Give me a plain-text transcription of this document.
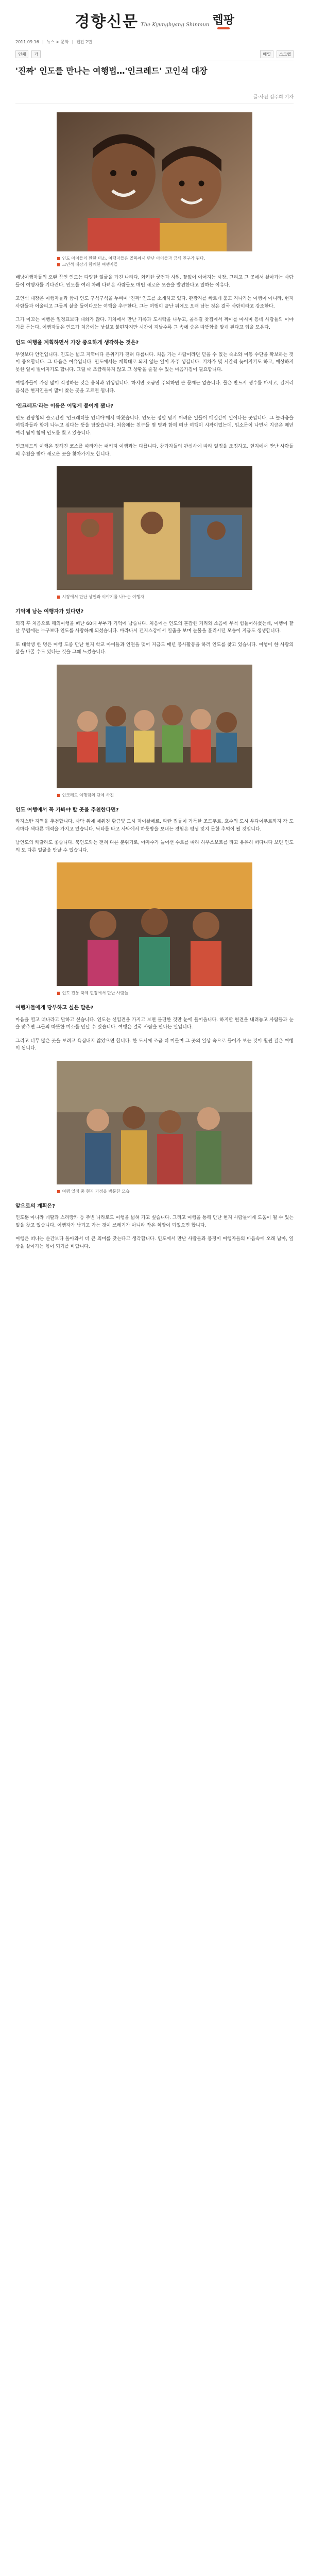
경향신문 The Kyunghyang Shinmun 렙팡
2011.09.16 | 뉴스 > 문화 | 웹진 2면
인쇄	가	메일	스크랩
'진짜' 인도를 만나는 여행법…'인크레드' 고인석 대장
글·사진 김주희 기자
■ 인도 아이들의 환한 미소. 여행자들은 골목에서 만난 아이들과 금세 친구가 된다.
■ 고인석 대장과 함께한 여행자들

배낭여행자들의 오랜 꿈인 인도는 다양한 얼굴을 가진 나라다. 화려한 궁전과 사원, 끝없이 이어지는 시장, 그리고 그 곳에서 살아가는 사람들이 여행자를 기다린다. 인도를 여러 차례 다녀온 사람들도 매번 새로운 모습을 발견한다고 말하는 이유다.

고인석 대장은 여행자들과 함께 인도 구석구석을 누비며 '진짜' 인도를 소개하고 있다. 관광지를 빠르게 훑고 지나가는 여행이 아니라, 현지 사람들과 어울리고 그들의 삶을 들여다보는 여행을 추구한다. 그는 여행이 끝난 뒤에도 오래 남는 것은 결국 사람이라고 강조한다.

그가 이끄는 여행은 일정표보다 대화가 많다. 기차에서 만난 가족과 도시락을 나누고, 골목길 찻집에서 짜이를 마시며 동네 사람들의 이야기를 듣는다. 여행자들은 인도가 처음에는 낯설고 불편하지만 시간이 지날수록 그 속에 숨은 따뜻함을 알게 된다고 입을 모은다.

인도 여행을 계획하면서 가장 중요하게 생각하는 것은?

무엇보다 안전입니다. 인도는 넓고 지역마다 분위기가 전혀 다릅니다. 처음 가는 사람이라면 믿을 수 있는 숙소와 이동 수단을 확보하는 것이 중요합니다. 그 다음은 여유입니다. 인도에서는 계획대로 되지 않는 일이 자주 생깁니다. 기차가 몇 시간씩 늦어지기도 하고, 예상하지 못한 일이 벌어지기도 합니다. 그럴 때 조급해하지 않고 그 상황을 즐길 수 있는 마음가짐이 필요합니다.

여행자들이 가장 많이 걱정하는 것은 음식과 위생입니다. 하지만 조금만 주의하면 큰 문제는 없습니다. 물은 반드시 생수를 마시고, 길거리 음식은 현지인들이 많이 찾는 곳을 고르면 됩니다.

'인크레드'라는 이름은 어떻게 붙이게 됐나?

인도 관광청의 슬로건인 '인크레더블 인디아'에서 따왔습니다. 인도는 정말 믿기 어려운 일들이 매일같이 일어나는 곳입니다. 그 놀라움을 여행자들과 함께 나누고 싶다는 뜻을 담았습니다. 처음에는 친구들 몇 명과 함께 떠난 여행이 시작이었는데, 입소문이 나면서 지금은 매년 여러 팀이 함께 인도를 찾고 있습니다.

인크레드의 여행은 정해진 코스를 따라가는 패키지 여행과는 다릅니다. 참가자들의 관심사에 따라 일정을 조정하고, 현지에서 만난 사람들의 추천을 받아 새로운 곳을 찾아가기도 합니다.

■ 시장에서 만난 상인과 이야기를 나누는 여행자
기억에 남는 여행자가 있다면?

퇴직 후 처음으로 해외여행을 떠난 60대 부부가 기억에 남습니다. 처음에는 인도의 혼잡한 거리와 소음에 무척 힘들어하셨는데, 여행이 끝날 무렵에는 누구보다 인도를 사랑하게 되셨습니다. 바라나시 갠지스강에서 일출을 보며 눈물을 흘리시던 모습이 지금도 생생합니다.

또 대학생 한 명은 여행 도중 만난 현지 학교 아이들과 인연을 맺어 지금도 매년 봉사활동을 하러 인도를 찾고 있습니다. 여행이 한 사람의 삶을 바꿀 수도 있다는 것을 그때 느꼈습니다.

■ 인크레드 여행팀의 단체 사진
인도 여행에서 꼭 가봐야 할 곳을 추천한다면?

라자스탄 지역을 추천합니다. 사막 위에 세워진 황금빛 도시 자이살메르, 파란 집들이 가득한 조드푸르, 호수의 도시 우다이푸르까지 각 도시마다 색다른 매력을 가지고 있습니다. 낙타를 타고 사막에서 하룻밤을 보내는 경험은 평생 잊지 못할 추억이 될 것입니다.

남인도의 케랄라도 좋습니다. 북인도와는 전혀 다른 분위기로, 야자수가 늘어선 수로를 따라 하우스보트를 타고 유유히 떠다니다 보면 인도의 또 다른 얼굴을 만날 수 있습니다.

■ 인도 전통 축제 현장에서 만난 사람들
여행자들에게 당부하고 싶은 말은?

마음을 열고 떠나라고 말하고 싶습니다. 인도는 선입견을 가지고 보면 불편한 것만 눈에 들어옵니다. 하지만 편견을 내려놓고 사람들과 눈을 맞추면 그들의 따뜻한 미소를 만날 수 있습니다. 여행은 결국 사람을 만나는 일입니다.

그리고 너무 많은 곳을 보려고 욕심내지 않았으면 합니다. 한 도시에 조금 더 머물며 그 곳의 일상 속으로 들어가 보는 것이 훨씬 깊은 여행이 됩니다.

■ 여행 일정 중 현지 가정을 방문한 모습
앞으로의 계획은?

인도뿐 아니라 네팔과 스리랑카 등 주변 나라로도 여행을 넓혀 가고 싶습니다. 그리고 여행을 통해 만난 현지 사람들에게 도움이 될 수 있는 일을 찾고 있습니다. 여행자가 남기고 가는 것이 쓰레기가 아니라 작은 희망이 되었으면 합니다.

여행은 떠나는 순간보다 돌아와서 더 큰 의미를 갖는다고 생각합니다. 인도에서 만난 사람들과 풍경이 여행자들의 마음속에 오래 남아, 일상을 살아가는 힘이 되기를 바랍니다.
